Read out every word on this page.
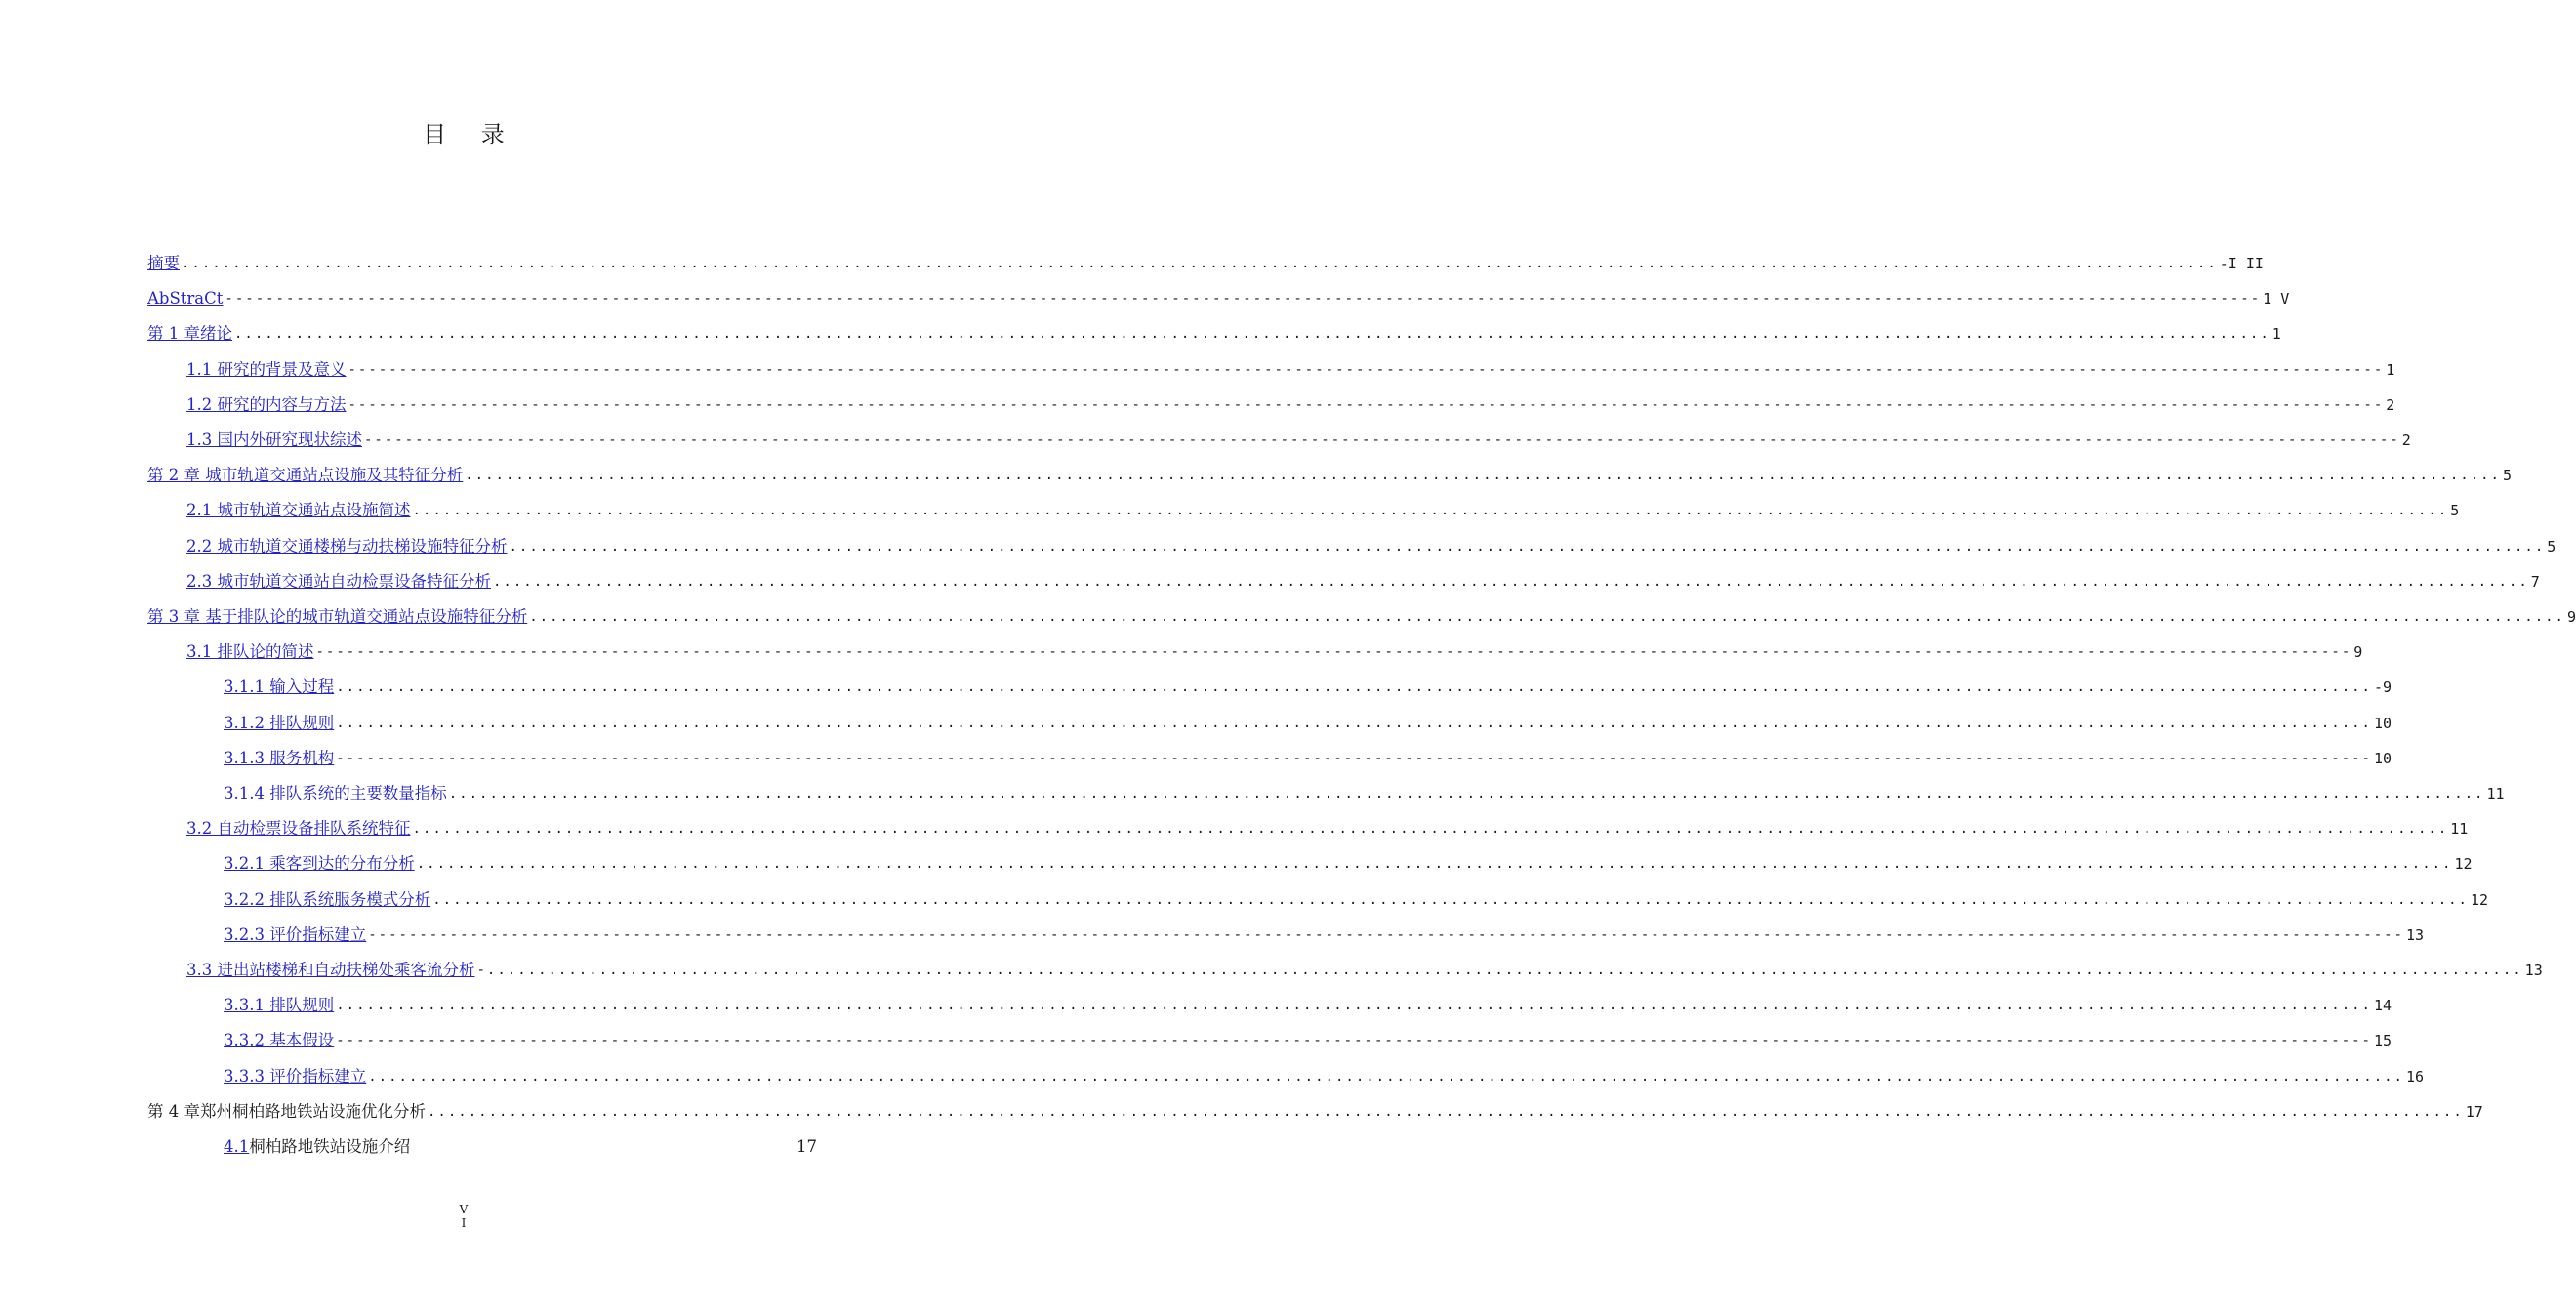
目 录
摘要 ........................................................................................................................................................................................................ -I II
AbStraCt -------------------------------------------------------------------------------------------------------------------------------------------------------------------------------------------------------- 1 V
第 1 章绪论 ........................................................................................................................................................................................................ 1
1.1 研究的背景及意义 -------------------------------------------------------------------------------------------------------------------------------------------------------------------------------------------------------- 1
1.2 研究的内容与方法 -------------------------------------------------------------------------------------------------------------------------------------------------------------------------------------------------------- 2
1.3 国内外研究现状综述 -------------------------------------------------------------------------------------------------------------------------------------------------------------------------------------------------------- 2
第 2 章 城市轨道交通站点设施及其特征分析 ........................................................................................................................................................................................................ 5
2.1 城市轨道交通站点设施简述 ........................................................................................................................................................................................................ 5
2.2 城市轨道交通楼梯与动扶梯设施特征分析 ........................................................................................................................................................................................................ 5
2.3 城市轨道交通站自动检票设备特征分析 ........................................................................................................................................................................................................ 7
第 3 章 基于排队论的城市轨道交通站点设施特征分析 ........................................................................................................................................................................................................ 9
3.1 排队论的简述 -------------------------------------------------------------------------------------------------------------------------------------------------------------------------------------------------------- 9
3.1.1 输入过程 ........................................................................................................................................................................................................ -9
3.1.2 排队规则 ........................................................................................................................................................................................................ 10
3.1.3 服务机构 -------------------------------------------------------------------------------------------------------------------------------------------------------------------------------------------------------- 10
3.1.4 排队系统的主要数量指标 ........................................................................................................................................................................................................ 11
3.2 自动检票设备排队系统特征 ........................................................................................................................................................................................................ 11
3.2.1 乘客到达的分布分析 ........................................................................................................................................................................................................ 12
3.2.2 排队系统服务模式分析 ........................................................................................................................................................................................................ 12
3.2.3 评价指标建立 -------------------------------------------------------------------------------------------------------------------------------------------------------------------------------------------------------- 13
3.3 进出站楼梯和自动扶梯处乘客流分析 -........................................................................................................................................................................................................ 13
3.3.1 排队规则 ........................................................................................................................................................................................................ 14
3.3.2 基本假设 -------------------------------------------------------------------------------------------------------------------------------------------------------------------------------------------------------- 15
3.3.3 评价指标建立 ........................................................................................................................................................................................................ 16
第 4 章郑州桐柏路地铁站设施优化分析 ........................................................................................................................................................................................................ 17
4.1 桐柏路地铁站设施介绍	17
V
I
